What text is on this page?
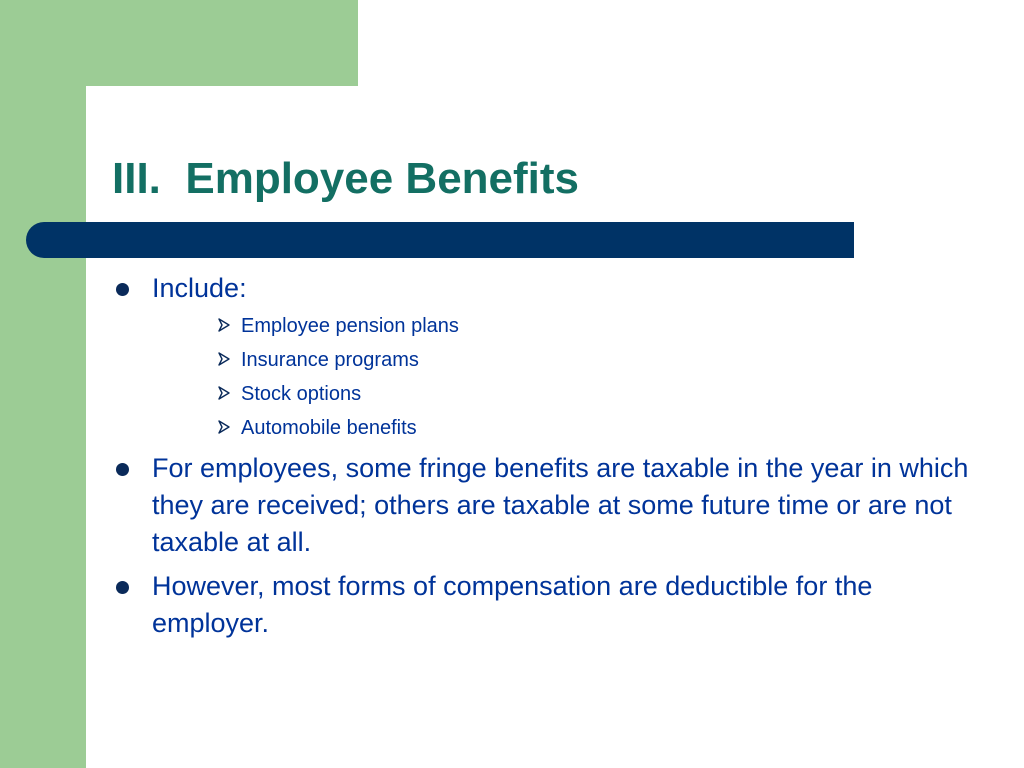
III.  Employee Benefits

Include:

Employee pension plans
Insurance programs
Stock options
Automobile benefits

For employees, some fringe benefits are taxable in the year in which they are received; others are taxable at some future time or are not taxable at all.

However, most forms of compensation are deductible for the employer.
